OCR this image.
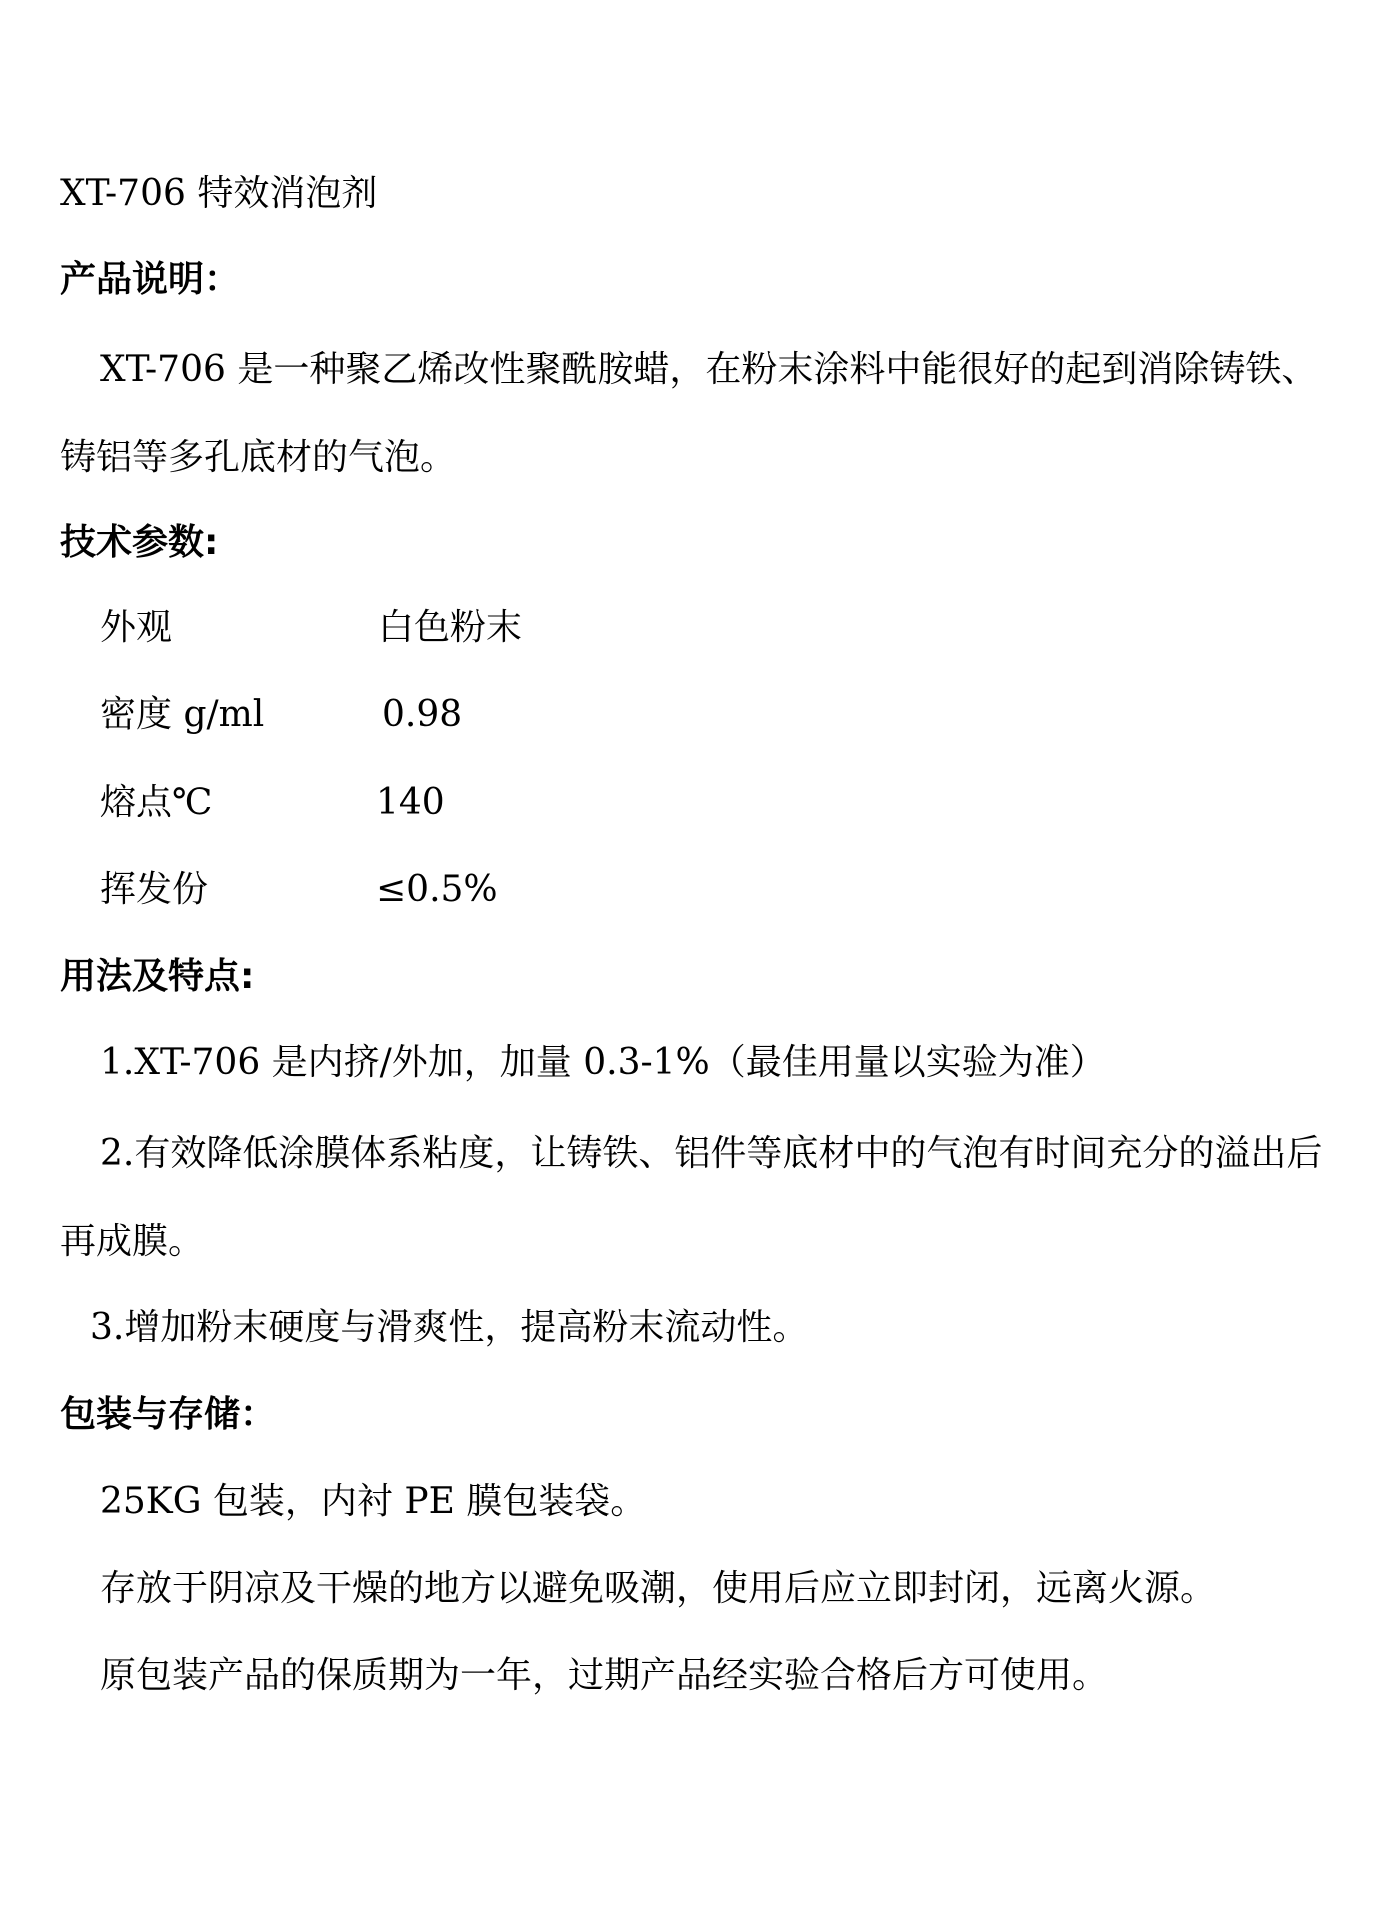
XT-706 特效消泡剂
产品说明：

XT-706 是一种聚乙烯改性聚酰胺蜡，在粉末涂料中能很好的起到消除铸铁、铸铝等多孔底材的气泡。

技术参数:
外观	白色粉末
密度 g/ml	0.98
熔点℃	140
挥发份	≤0.5%
用法及特点:
1.XT-706 是内挤/外加，加量 0.3-1%（最佳用量以实验为准）

2.有效降低涂膜体系粘度，让铸铁、铝件等底材中的气泡有时间充分的溢出后再成膜。

3.增加粉末硬度与滑爽性，提高粉末流动性。
包装与存储：
25KG 包装，内衬 PE 膜包装袋。
存放于阴凉及干燥的地方以避免吸潮，使用后应立即封闭，远离火源。
原包装产品的保质期为一年，过期产品经实验合格后方可使用。
